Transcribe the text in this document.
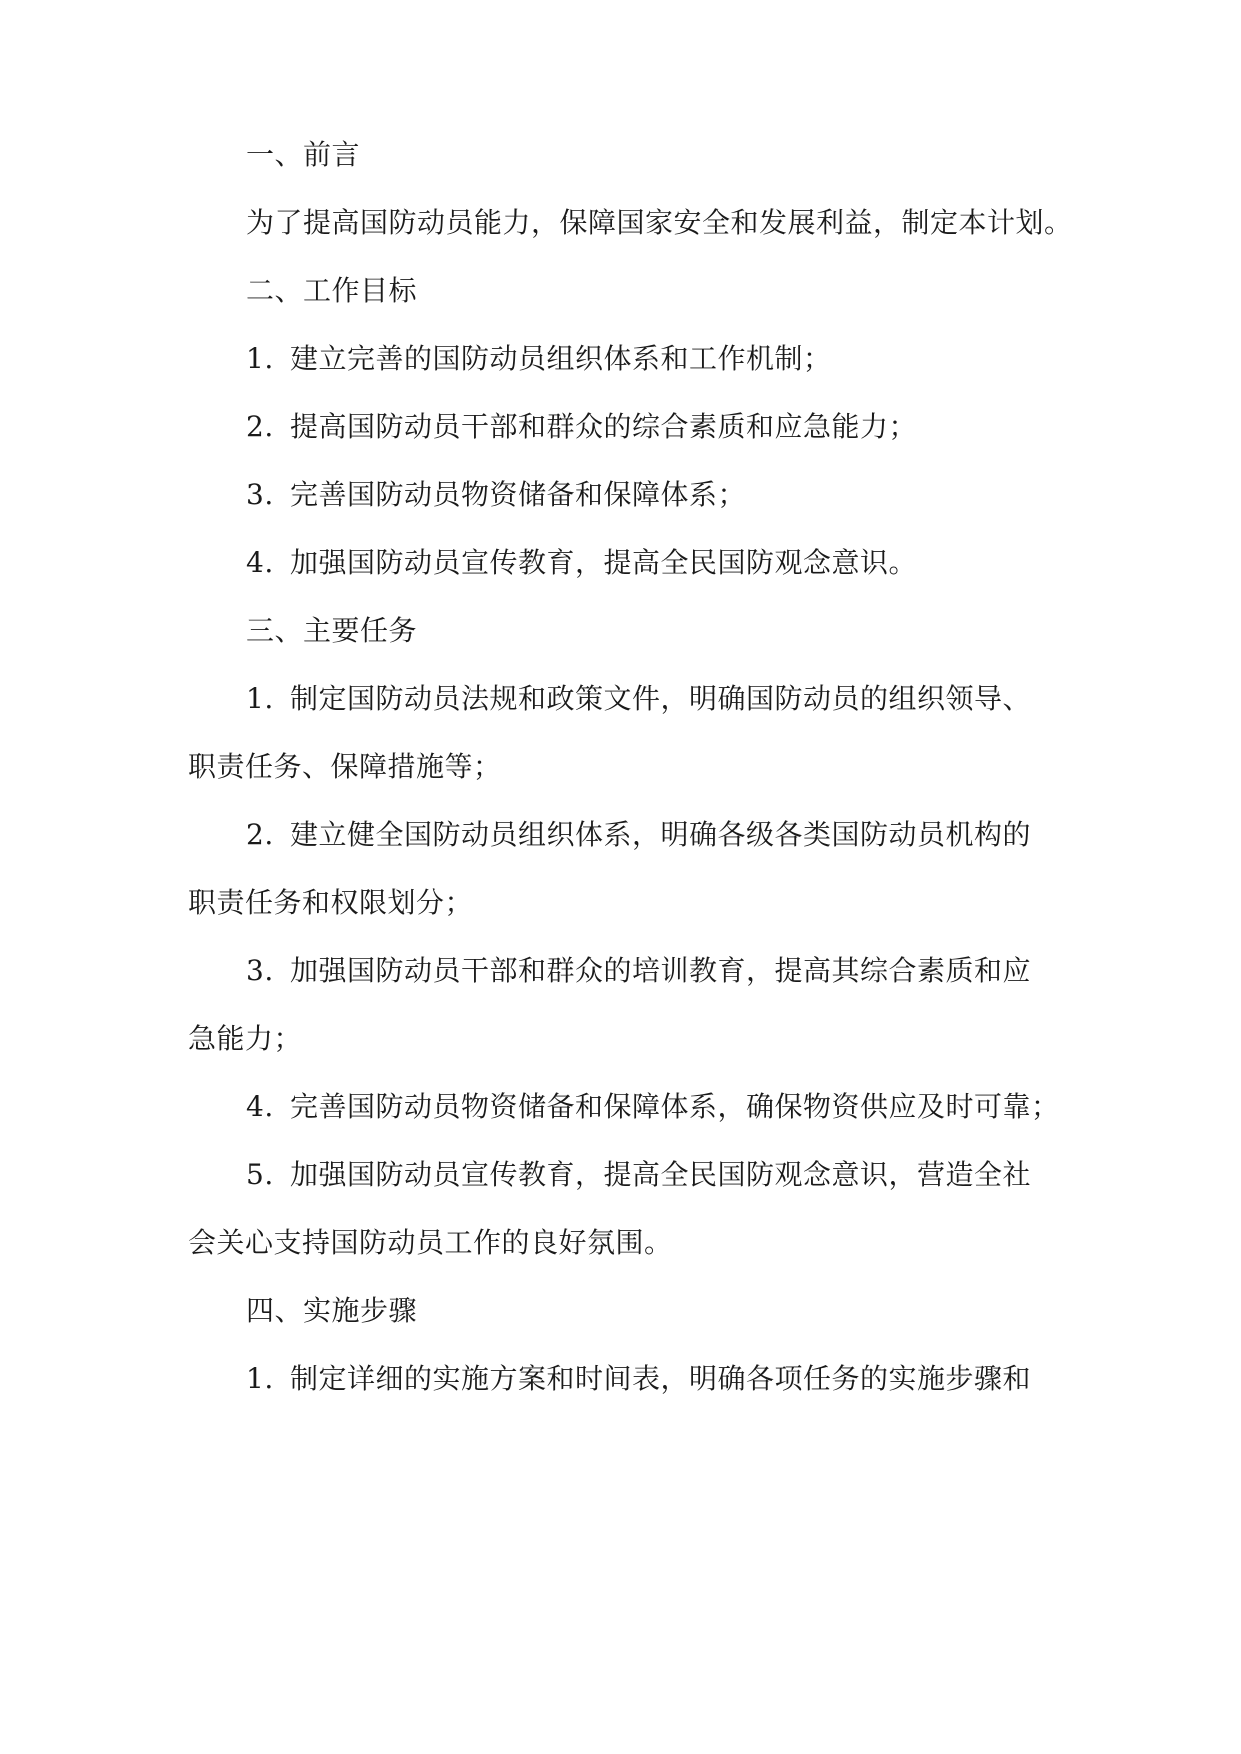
一、前言
为了提高国防动员能力，保障国家安全和发展利益，制定本计划。
二、工作目标
1. 建立完善的国防动员组织体系和工作机制；
2. 提高国防动员干部和群众的综合素质和应急能力；
3. 完善国防动员物资储备和保障体系；
4. 加强国防动员宣传教育，提高全民国防观念意识。
三、主要任务
1. 制定国防动员法规和政策文件，明确国防动员的组织领导、
职责任务、保障措施等；
2. 建立健全国防动员组织体系，明确各级各类国防动员机构的
职责任务和权限划分；
3. 加强国防动员干部和群众的培训教育，提高其综合素质和应
急能力；
4. 完善国防动员物资储备和保障体系，确保物资供应及时可靠；
5. 加强国防动员宣传教育，提高全民国防观念意识，营造全社
会关心支持国防动员工作的良好氛围。
四、实施步骤
1. 制定详细的实施方案和时间表，明确各项任务的实施步骤和
